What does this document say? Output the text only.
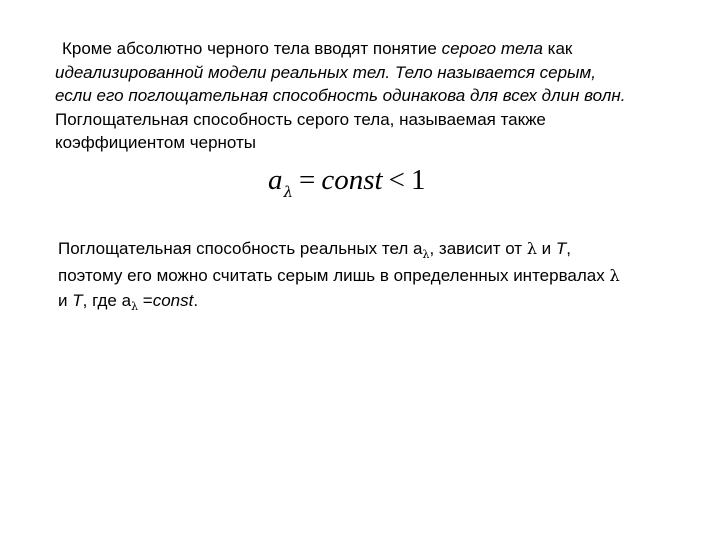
Кроме абсолютно черного тела вводят понятие серого тела как
идеализированной модели реальных тел. Тело называется серым,
если его поглощательная способность одинакова для всех длин волн.
Поглощательная способность серого тела, называемая также
коэффициентом черноты
$a_\lambda$ = const < 1
Поглощательная способность реальных тел $a_\lambda$, зависит от λ и T,
поэтому его можно считать серым лишь в определенных интервалах λ
и T, где $a_\lambda$ =const.
